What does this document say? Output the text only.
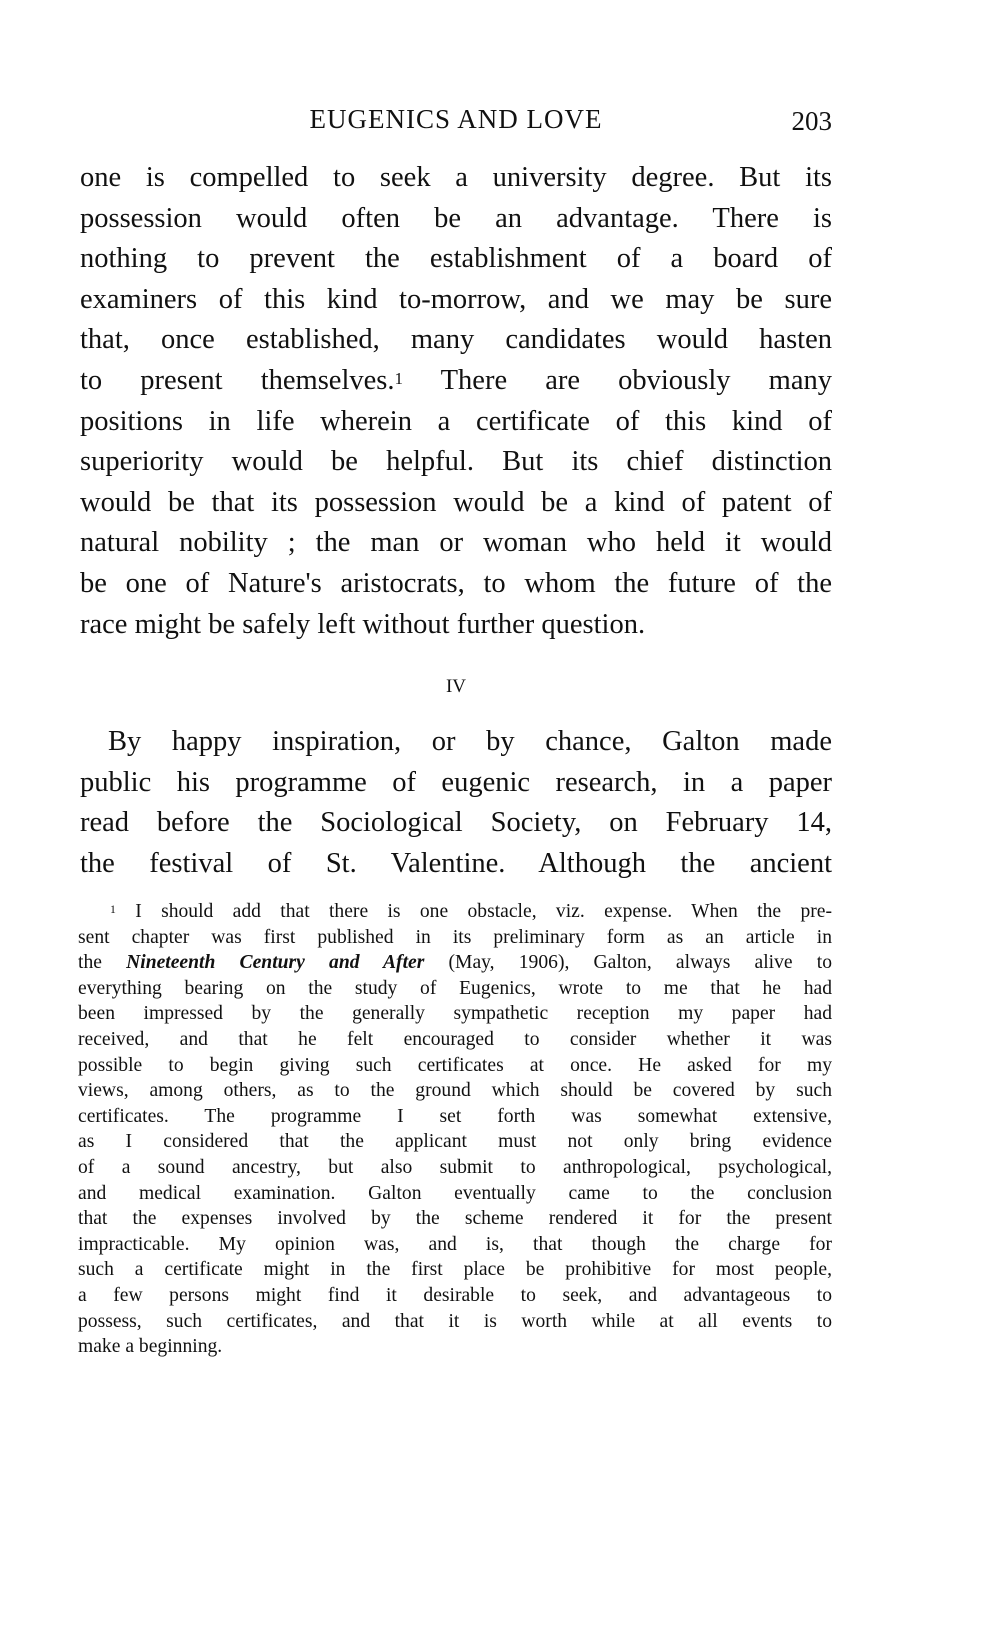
EUGENICS AND LOVE	203
one is compelled to seek a university degree. But its
possession would often be an advantage. There is
nothing to prevent the establishment of a board of
examiners of this kind to-morrow, and we may be sure
that, once established, many candidates would hasten
to present themselves.$^1$ There are obviously many
positions in life wherein a certificate of this kind of
superiority would be helpful. But its chief distinction
would be that its possession would be a kind of patent of
natural nobility ; the man or woman who held it would
be one of Nature's aristocrats, to whom the future of the
race might be safely left without further question.
IV
By happy inspiration, or by chance, Galton made
public his programme of eugenic research, in a paper
read before the Sociological Society, on February 14,
the festival of St. Valentine. Although the ancient
$^1$ I should add that there is one obstacle, viz. expense. When the pre-
sent chapter was first published in its preliminary form as an article in
the Nineteenth Century and After (May, 1906), Galton, always alive to
everything bearing on the study of Eugenics, wrote to me that he had
been impressed by the generally sympathetic reception my paper had
received, and that he felt encouraged to consider whether it was
possible to begin giving such certificates at once. He asked for my
views, among others, as to the ground which should be covered by such
certificates. The programme I set forth was somewhat extensive,
as I considered that the applicant must not only bring evidence
of a sound ancestry, but also submit to anthropological, psychological,
and medical examination. Galton eventually came to the conclusion
that the expenses involved by the scheme rendered it for the present
impracticable. My opinion was, and is, that though the charge for
such a certificate might in the first place be prohibitive for most people,
a few persons might find it desirable to seek, and advantageous to
possess, such certificates, and that it is worth while at all events to
make a beginning.
